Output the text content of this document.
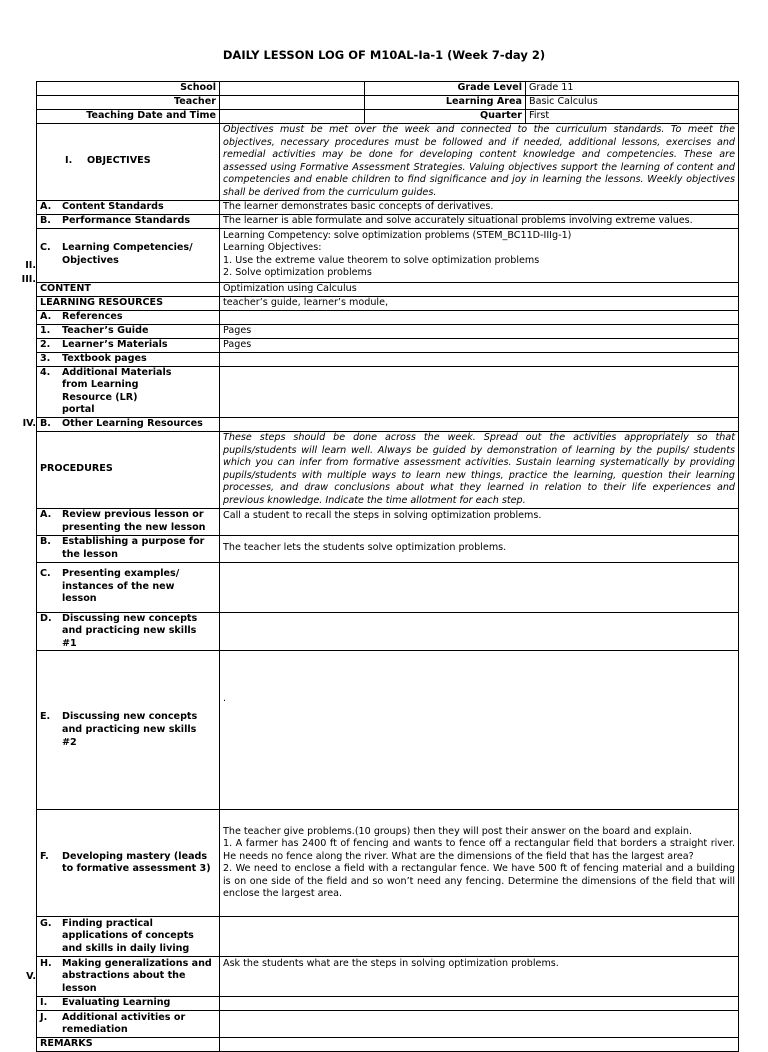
DAILY LESSON LOG OF M10AL-Ia-1 (Week 7-day 2)
II.
III.
IV.
V.
School		Grade Level	Grade 11
Teacher		Learning Area	Basic Calculus
Teaching Date and Time		Quarter	First
I. OBJECTIVES	Objectives must be met over the week and connected to the curriculum standards. To meet the objectives, necessary procedures must be followed and if needed, additional lessons, exercises and remedial activities may be done for developing content knowledge and competencies. These are assessed using Formative Assessment Strategies. Valuing objectives support the learning of content and competencies and enable children to find significance and joy in learning the lessons. Weekly objectives shall be derived from the curriculum guides.		
A. Content Standards	The learner demonstrates basic concepts of derivatives.		
B. Performance Standards	The learner is able formulate and solve accurately situational problems involving extreme values.		
C. Learning Competencies/ Objectives	Learning Competency: solve optimization problems (STEM_BC11D-IIIg-1)
Learning Objectives:
1. Use the extreme value theorem to solve optimization problems
2. Solve optimization problems		

CONTENT	Optimization using Calculus		
LEARNING RESOURCES	teacher’s guide, learner’s module,		
A. References			
1. Teacher’s Guide	Pages		
2. Learner’s Materials	Pages		
3. Textbook pages			
4. Additional Materials from Learning Resource (LR) portal			
B. Other Learning Resources			
PROCEDURES	These steps should be done across the week. Spread out the activities appropriately so that pupils/students will learn well. Always be guided by demonstration of learning by the pupils/ students which you can infer from formative assessment activities. Sustain learning systematically by providing pupils/students with multiple ways to learn new things, practice the learning, question their learning processes, and draw conclusions about what they learned in relation to their life experiences and previous knowledge. Indicate the time allotment for each step.		
A. Review previous lesson or presenting the new lesson	Call a student to recall the steps in solving optimization problems.		
B. Establishing a purpose for the lesson	The teacher lets the students solve optimization problems.		
C. Presenting examples/ instances of the new lesson			
D. Discussing new concepts and practicing new skills #1			
E. Discussing new concepts and practicing new skills #2	.		
F. Developing mastery (leads to formative assessment 3)	The teacher give problems.(10 groups) then they will post their answer on the board and explain.
1. A farmer has 2400 ft of fencing and wants to fence off a rectangular field that borders a straight river. He needs no fence along the river. What are the dimensions of the field that has the largest area?
2. We need to enclose a field with a rectangular fence. We have 500 ft of fencing material and a building is on one side of the field and so won’t need any fencing. Determine the dimensions of the field that will enclose the largest area.		

G. Finding practical applications of concepts and skills in daily living			
H. Making generalizations and abstractions about the lesson	Ask the students what are the steps in solving optimization problems.		
I. Evaluating Learning			
J. Additional activities or remediation			
REMARKS			
